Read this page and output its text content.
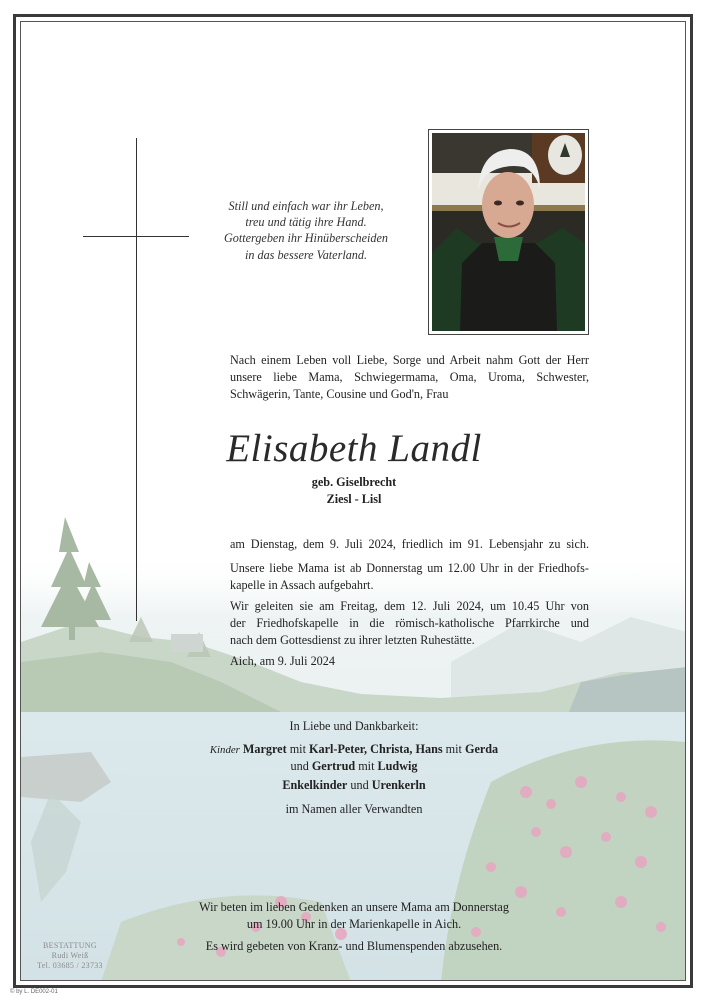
Still und einfach war ihr Leben,
treu und tätig ihre Hand.
Gottergeben ihr Hinüberscheiden
in das bessere Vaterland.
Nach einem Leben voll Liebe, Sorge und Arbeit nahm Gott der Herr
unsere liebe Mama, Schwiegermama, Oma, Uroma, Schwester,
Schwägerin, Tante, Cousine und God'n, Frau
Elisabeth Landl
geb. Giselbrecht
Ziesl - Lisl
am Dienstag, dem 9. Juli 2024, friedlich im 91. Lebensjahr zu sich.
Unsere liebe Mama ist ab Donnerstag um 12.00 Uhr in der Friedhofs-
kapelle in Assach aufgebahrt.
Wir geleiten sie am Freitag, dem 12. Juli 2024, um 10.45 Uhr von
der Friedhofskapelle in die römisch-katholische Pfarrkirche und
nach dem Gottesdienst zu ihrer letzten Ruhestätte.
Aich, am 9. Juli 2024
In Liebe und Dankbarkeit:
Kinder Margret mit Karl-Peter, Christa, Hans mit Gerda
und Gertrud mit Ludwig
Enkelkinder und Urenkerln
im Namen aller Verwandten
Wir beten im lieben Gedenken an unsere Mama am Donnerstag
um 19.00 Uhr in der Marienkapelle in Aich.
Es wird gebeten von Kranz- und Blumenspenden abzusehen.
BESTATTUNG
Rudi Weiß
Tel. 03685 / 23733
© by L. DE002-01
